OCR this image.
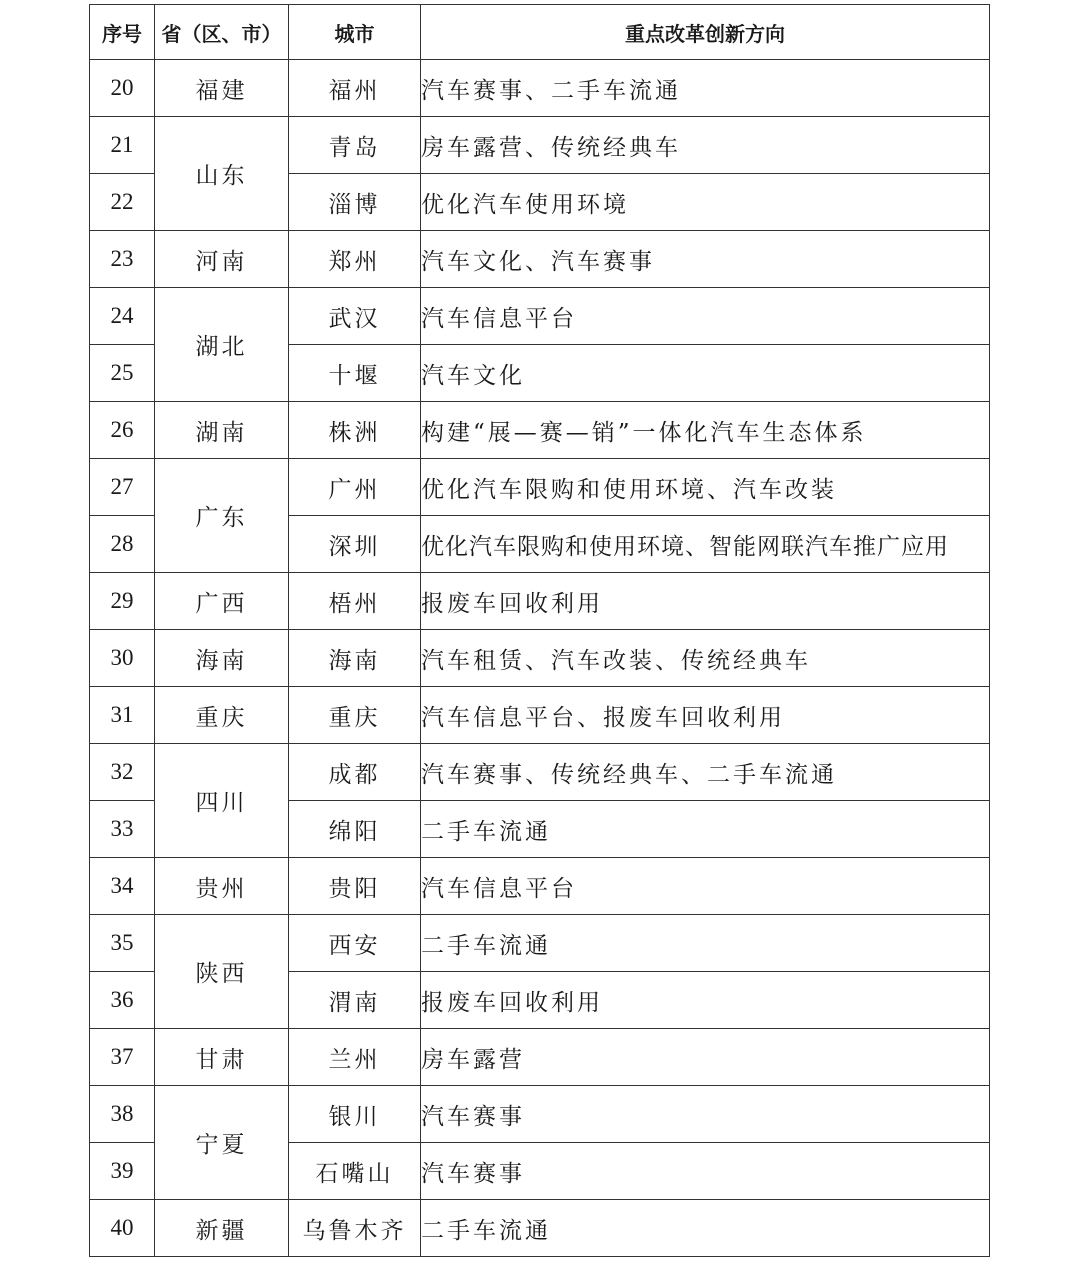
序号	省（区、市）	城市	重点改革创新方向
20	福建	福州	汽车赛事、二手车流通
21	山东	青岛	房车露营、传统经典车
22		淄博	优化汽车使用环境
23	河南	郑州	汽车文化、汽车赛事
24	湖北	武汉	汽车信息平台
25		十堰	汽车文化
26	湖南	株洲	构建“展—赛—销”一体化汽车生态体系
27	广东	广州	优化汽车限购和使用环境、汽车改装
28		深圳	优化汽车限购和使用环境、智能网联汽车推广应用
29	广西	梧州	报废车回收利用
30	海南	海南	汽车租赁、汽车改装、传统经典车
31	重庆	重庆	汽车信息平台、报废车回收利用
32	四川	成都	汽车赛事、传统经典车、二手车流通
33		绵阳	二手车流通
34	贵州	贵阳	汽车信息平台
35	陕西	西安	二手车流通
36		渭南	报废车回收利用
37	甘肃	兰州	房车露营
38	宁夏	银川	汽车赛事
39		石嘴山	汽车赛事
40	新疆	乌鲁木齐	二手车流通
